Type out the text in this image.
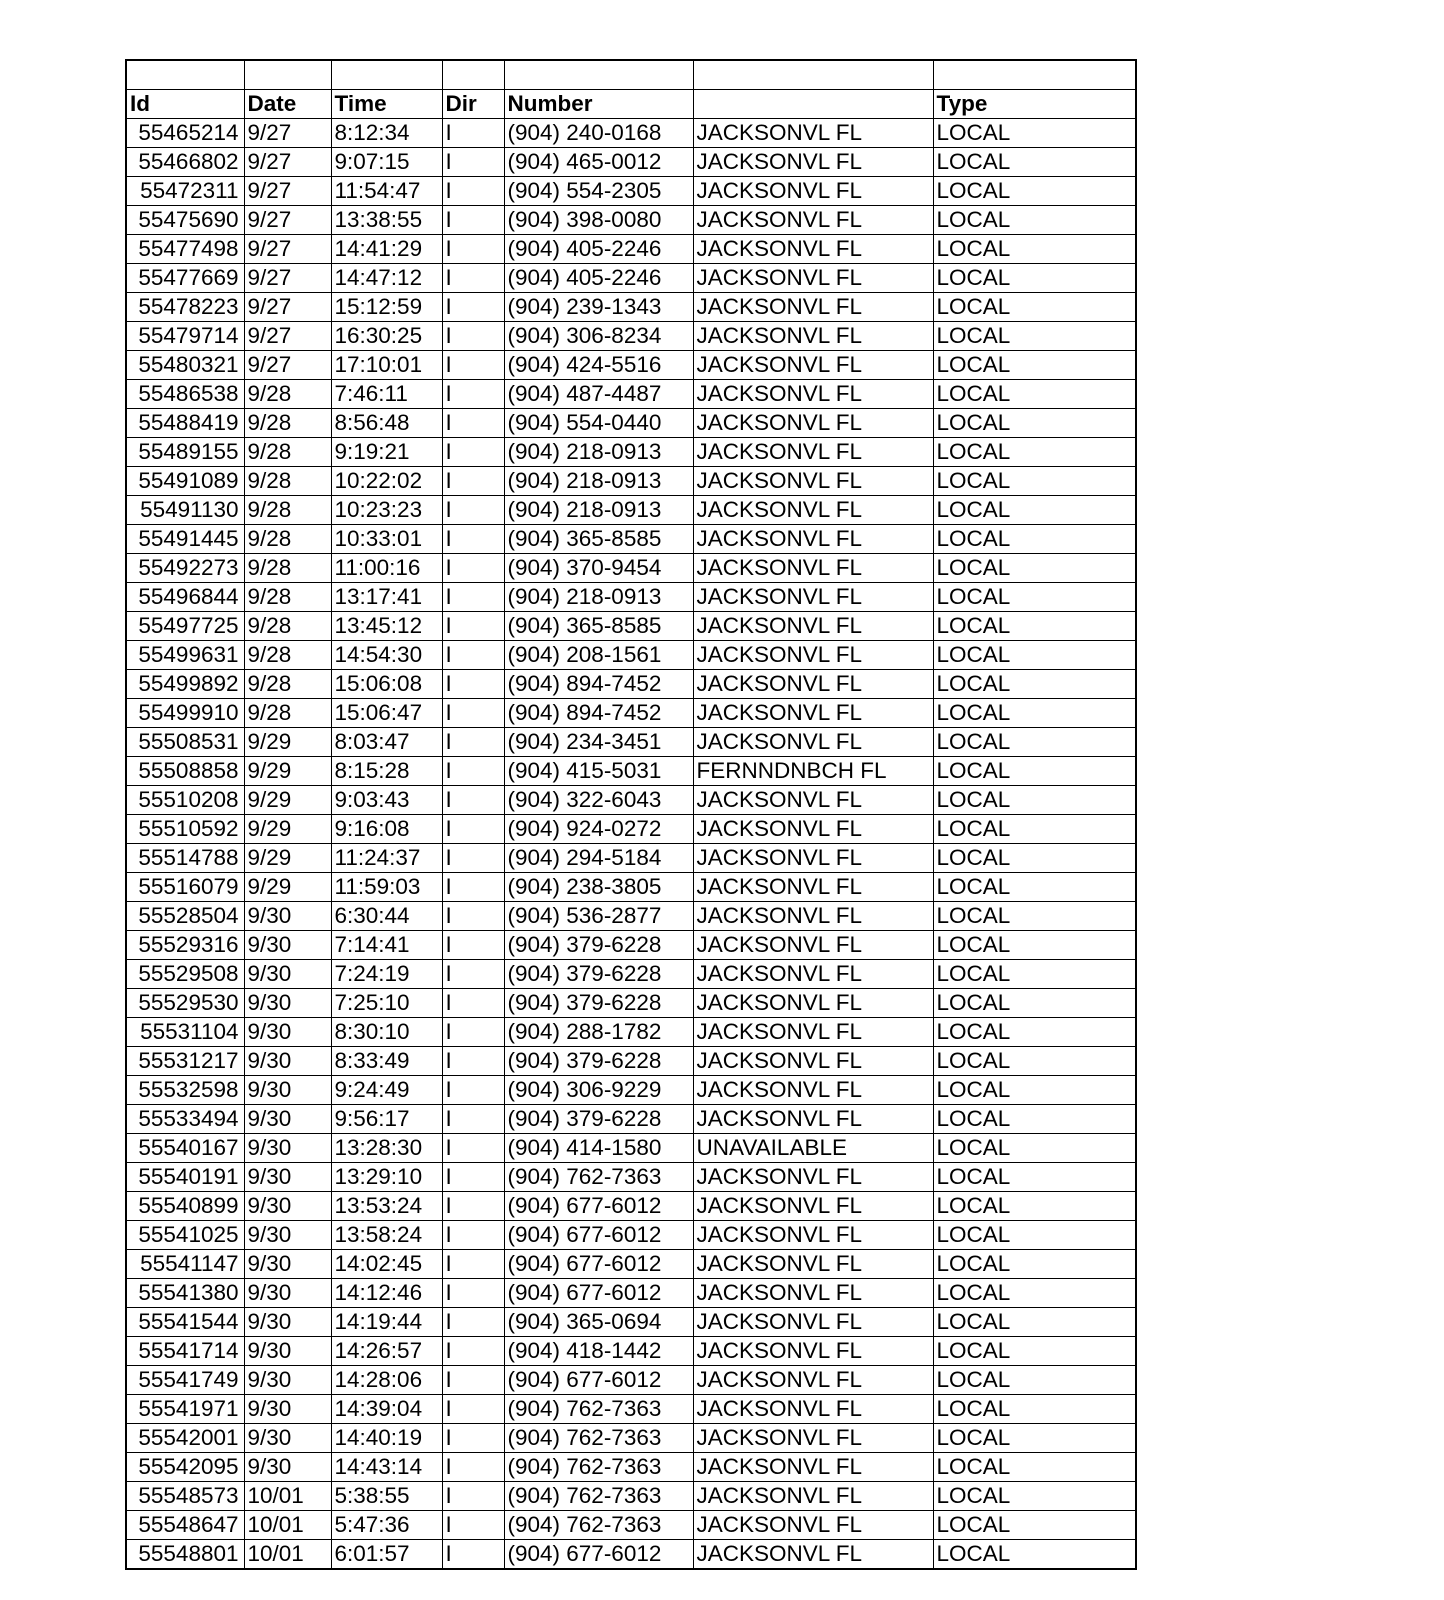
Id	Date	Time	Dir	Number		Type
55465214	9/27	8:12:34	I	(904) 240-0168	JACKSONVL FL	LOCAL
55466802	9/27	9:07:15	I	(904) 465-0012	JACKSONVL FL	LOCAL
55472311	9/27	11:54:47	I	(904) 554-2305	JACKSONVL FL	LOCAL
55475690	9/27	13:38:55	I	(904) 398-0080	JACKSONVL FL	LOCAL
55477498	9/27	14:41:29	I	(904) 405-2246	JACKSONVL FL	LOCAL
55477669	9/27	14:47:12	I	(904) 405-2246	JACKSONVL FL	LOCAL
55478223	9/27	15:12:59	I	(904) 239-1343	JACKSONVL FL	LOCAL
55479714	9/27	16:30:25	I	(904) 306-8234	JACKSONVL FL	LOCAL
55480321	9/27	17:10:01	I	(904) 424-5516	JACKSONVL FL	LOCAL
55486538	9/28	7:46:11	I	(904) 487-4487	JACKSONVL FL	LOCAL
55488419	9/28	8:56:48	I	(904) 554-0440	JACKSONVL FL	LOCAL
55489155	9/28	9:19:21	I	(904) 218-0913	JACKSONVL FL	LOCAL
55491089	9/28	10:22:02	I	(904) 218-0913	JACKSONVL FL	LOCAL
55491130	9/28	10:23:23	I	(904) 218-0913	JACKSONVL FL	LOCAL
55491445	9/28	10:33:01	I	(904) 365-8585	JACKSONVL FL	LOCAL
55492273	9/28	11:00:16	I	(904) 370-9454	JACKSONVL FL	LOCAL
55496844	9/28	13:17:41	I	(904) 218-0913	JACKSONVL FL	LOCAL
55497725	9/28	13:45:12	I	(904) 365-8585	JACKSONVL FL	LOCAL
55499631	9/28	14:54:30	I	(904) 208-1561	JACKSONVL FL	LOCAL
55499892	9/28	15:06:08	I	(904) 894-7452	JACKSONVL FL	LOCAL
55499910	9/28	15:06:47	I	(904) 894-7452	JACKSONVL FL	LOCAL
55508531	9/29	8:03:47	I	(904) 234-3451	JACKSONVL FL	LOCAL
55508858	9/29	8:15:28	I	(904) 415-5031	FERNNDNBCH FL	LOCAL
55510208	9/29	9:03:43	I	(904) 322-6043	JACKSONVL FL	LOCAL
55510592	9/29	9:16:08	I	(904) 924-0272	JACKSONVL FL	LOCAL
55514788	9/29	11:24:37	I	(904) 294-5184	JACKSONVL FL	LOCAL
55516079	9/29	11:59:03	I	(904) 238-3805	JACKSONVL FL	LOCAL
55528504	9/30	6:30:44	I	(904) 536-2877	JACKSONVL FL	LOCAL
55529316	9/30	7:14:41	I	(904) 379-6228	JACKSONVL FL	LOCAL
55529508	9/30	7:24:19	I	(904) 379-6228	JACKSONVL FL	LOCAL
55529530	9/30	7:25:10	I	(904) 379-6228	JACKSONVL FL	LOCAL
55531104	9/30	8:30:10	I	(904) 288-1782	JACKSONVL FL	LOCAL
55531217	9/30	8:33:49	I	(904) 379-6228	JACKSONVL FL	LOCAL
55532598	9/30	9:24:49	I	(904) 306-9229	JACKSONVL FL	LOCAL
55533494	9/30	9:56:17	I	(904) 379-6228	JACKSONVL FL	LOCAL
55540167	9/30	13:28:30	I	(904) 414-1580	UNAVAILABLE	LOCAL
55540191	9/30	13:29:10	I	(904) 762-7363	JACKSONVL FL	LOCAL
55540899	9/30	13:53:24	I	(904) 677-6012	JACKSONVL FL	LOCAL
55541025	9/30	13:58:24	I	(904) 677-6012	JACKSONVL FL	LOCAL
55541147	9/30	14:02:45	I	(904) 677-6012	JACKSONVL FL	LOCAL
55541380	9/30	14:12:46	I	(904) 677-6012	JACKSONVL FL	LOCAL
55541544	9/30	14:19:44	I	(904) 365-0694	JACKSONVL FL	LOCAL
55541714	9/30	14:26:57	I	(904) 418-1442	JACKSONVL FL	LOCAL
55541749	9/30	14:28:06	I	(904) 677-6012	JACKSONVL FL	LOCAL
55541971	9/30	14:39:04	I	(904) 762-7363	JACKSONVL FL	LOCAL
55542001	9/30	14:40:19	I	(904) 762-7363	JACKSONVL FL	LOCAL
55542095	9/30	14:43:14	I	(904) 762-7363	JACKSONVL FL	LOCAL
55548573	10/01	5:38:55	I	(904) 762-7363	JACKSONVL FL	LOCAL
55548647	10/01	5:47:36	I	(904) 762-7363	JACKSONVL FL	LOCAL
55548801	10/01	6:01:57	I	(904) 677-6012	JACKSONVL FL	LOCAL
